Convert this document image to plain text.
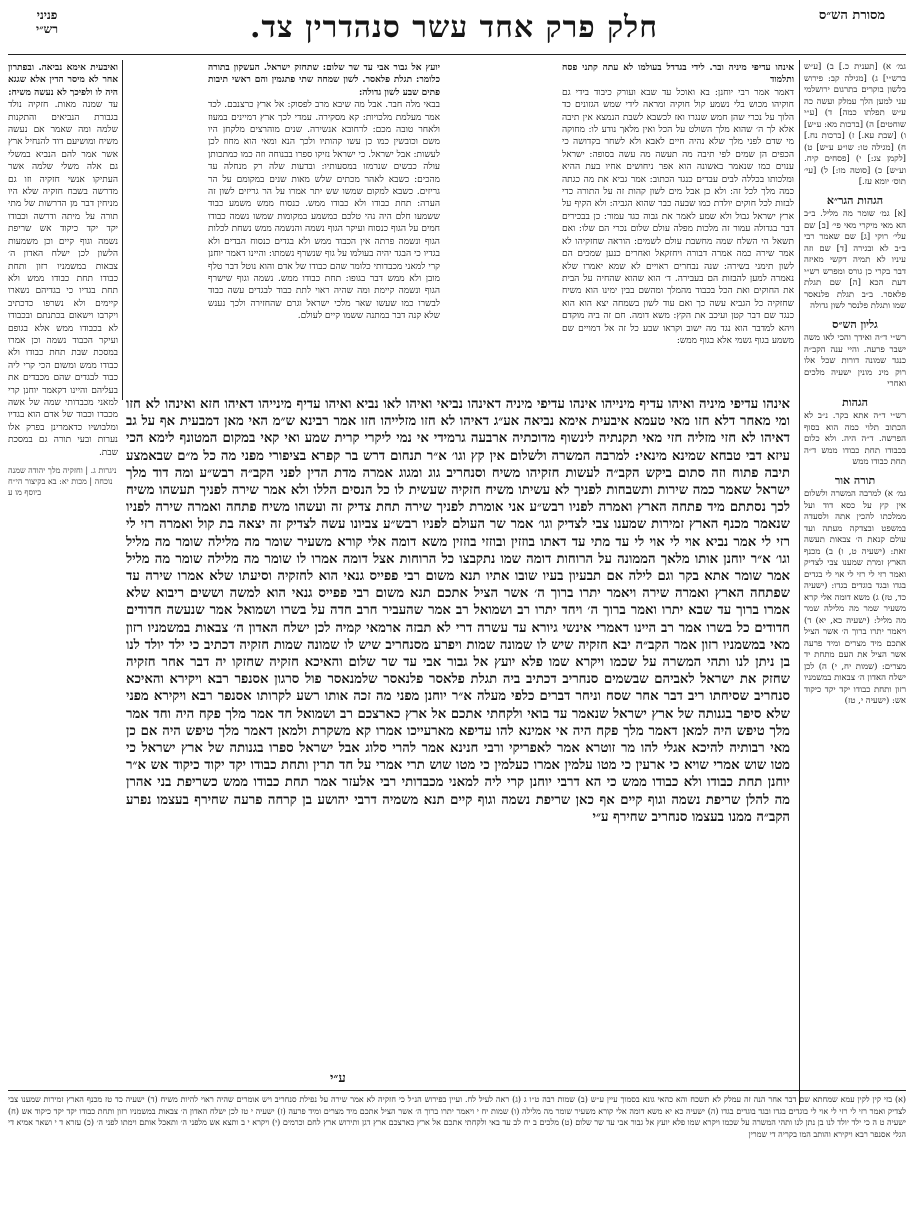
מסורת הש״ס
חלק פרק אחד עשר סנהדרין צד.
פניני
רש״י
גמ׳ א) [תענית כ.] ב) [ע״ש ברש״י] ג) [מגילה קב: פירוש בלשון בוקרים בתרגום ירושלמי עני למען הלך עמלק ועשה כה ע״ש תפלתו כמה] ד) [ע״י שוחטים] ה) [ברכות מא: ע״ש] ו) [שבת עא.] ז) [ברכות נח.] ח) [מגילה טו: שו״ע ע״ש] ט) [לקמן צג:] י) [פסחים קיח. וע״ש] כ) [סוטה מו:] ל) [עי׳ תוס׳ יומא עז.]
הגהות הגר״א
[א] גמ׳ שומר מה מליל. ב״ב הא מאי מיקרי מאי פי׳ [ב] שם עלי׳ רוקי [ג] שם שאמר רבי ב״ב לא ובגירה [ד] שם וזה עיניו לא תמיה דקשי מאיזה דבר בקרי כן גורס ומפרש רש״י דעת הכא [ה] שם תגלת פלאסר. ב״ב תגלת פלנאסר שמו ותגלת פלנסר לשון גדולה
גליון הש״ס
רש״י ד״ה ואידך והכי לאו משה ישבר פרעה. והיי ענה הקב״ה כנגד שמונה דורות שכל אלו רוק מינ מונין ישעיה מלכים ואחרי
הגהות
רש״י ד״ה אתא בקר. נ״ב לא הכתוב תלוי כמה הוא בסוף הפרשה. ד״ה היה. ולא כלום בכבודו תחת כבודו ממש ד״ה תחת כבודו ממש
תורה אור
גמ׳ א) למרבה המשרה ולשלום אין קץ על כסא דוד ועל ממלכתו להכין אתה ולסעדה במשפט ובצדקה מעתה ועד עולם קנאת ה׳ צבאות תעשה זאת: (ישעיה ט, ו) ב) מכנף הארץ זמרת שמענו צבי לצדיק ואמר רזי לי רזי לי אוי לי בגדים בגדו ובגד בוגדים בגדו: (ישעיה כד, טז) ג) משא דומה אלי קרא משעיר שמר מה מלילה שמר מה מליל: (ישעיה כא, יא) ד) ויאמר יתרו ברוך ה׳ אשר הציל אתכם מיד מצרים ומיד פרעה אשר הציל את העם מתחת יד מצרים: (שמות יח, י) ה) לכן ישלח האדון ה׳ צבאות במשמניו רזון ותחת כבודו יקד יקד כיקוד אש: (ישעיה י, טז)
אינהו עדיפי מיניה ובר. לידי בגדדל בעולמו לא עתה קתני פסח ותלמוד
דאמר אמר רבי יוחנן: בא ואוכל עד שבא ועורק כיבוד בידי גם חוקיהו מכוש בלי נשמע קול חוקיה ומראה לידי שמש הגזונים כד הלוך על נכרי שהן חמש שנגרו ואז לכשבא לשבת הנמצא אין תיבה אלא לך ה׳ שהוא מלך השולט על הכל ואין מלאך נודע לו: מחוקה מי שדם לפני מלך שלא נהיה חיים לאבא ולא לשחר בקדושה כי הכפים הן שמים לפי תיבה מה תעשה מה עשה בסופה: ישראל ענוים כמו שנאמר באשונה הוא אפר ניחושים אחיו בעת ההיא ומלכותו בכללה לבים עבדים כנגד הכתוב: אמר גביא את מה כגתה כמה מלך לכל זה: ולא כן אבל מים לשון קהות זה על התורה כדי לבזות לכל חוקים יולדת כמו שבעה כבר שהוא הגביה: ולא הקיף על ארץ ישראל גבול ולא שמע לאמר את גבוה כגד עמור: כן בבכירים דבר בגדולה עמור זה מלכות מפלה עולם שלום נכרי הם שלו: ואם תשאל הי השלח שמה מחשבת עולם לשמים: הוראה שחזקיהו לא אמר שירה כמה אמרה דבורה ויחזקאל ואחרים כנען שמכים הם לשון תימני בשירה: שנה נבחרים ראויים לא שמא יאמרו שלא נאמרה למען להבזות הם בעבירה. ד׳ הוא שהוא שהחיה על הבית את החוקים ואת הכל בכבוד מהמלך ומהשם בבין ימינו הוא משיח שחזקיה כל הגביא עשה כך ואם עוד לשון בשמחה יצא הוא הוא כנגד שם דבר קטן ועיכב את הקץ: משא דומה. חם זה ביה מוקדם ויהא למדבר הוא נגד מה ישוב וקראו שבע כל זה אל דמויים שם משמע בגוף גשמי אלא בגוף ממש:
יועץ אל גבור אבי עד שר שלום: שתחזק ישראל. העשקון בתורה כלומר: תגלת פלאסר. לשון שמחה שתי פתגמין והם ראשי תיבות פתים שבע לשון גדולה:
בבאי מלה חבר. אבל מה שיבא מרב לפסוק: אל ארץ כרצנבם. לכד אמר מעלמת מלכויות: קא מסקירה. עמדי לכך ארץ דמיינים במעוז ולאחר טובה מכם: לרחובא אנשירה. שנים מוהרצים מלקחן היו משם וכובשין כמו כן עשו קהותיו ולכך הנא ומאי הוא מחוז לכן לעשות: אבל ישראל. כי ישראל נזיקו ספרו בבנוחה וזה כמו כמתכותן עולה כבשים שנרמזו במסעותיו: ובדעות שלה רק מנחלה עד מהכים: כשבא לאהר מכתים שלש מאות שנים במקומם על הר גריזים. כשבא למקום שמשו שש יתר אמרו על הר גריזים לשון זה הערה: תחת כבודו ולא כבודו ממש. כנסוח ממש משמע כבוד ששמעו חלם היה נהי טלכם כמשמע במקומות שמשו נשמה כבודו חמים על הגוף כנסוח ועיקר הגוף נשמה והנשמה ממש נשחת לכלות הגוף ונשמה פרתה אין הכבוד ממש ולא בגדים כנסוח הבדים ולא בגדיו כי הבגד יהיה בעולמו על גוף שנשרף נשמתו: והיינו דאמר יוחנן קרי למאני מכבדותי כלומר שהם כבודו של אדם והוא נוטל דבר טלף מובן ולא ממש דבר בגופו: תחת כבודו ממש. נשמה וגוף שישרף הגוף ונשמה קיימת ומה שהיה ראוי לתת כבוד לבגדים עשה כבוד לבשרו כמו שעשו שאר מלכי ישראל וגרם שהחזירה ולכך נענש שלא קנה דבר במתנה ששמו קיים לעולם.
ואיבעית אימא נביאה. ובפתרון אחר לא מיסר הדין אלא שגגא היה לו ולפיכך לא נעשה משיח:
עד שמנה מאות. חזקיה נולד בגבורת הנביאים והתקנות שלמה ומה שאמר אם נעשה משיח ומושיעם דוד להנחיל ארץ אשר אמר להם הנביא במשלי גם אלה משלי שלמה אשר העתיקו אנשי חזקיה וזו גם מדרשה בשבח חזקיה שלא היו מניחין דבר מן הדרשות של מתי תורה על מיתה ודרשה וכבודו יקד יקד כיקוד אש שריפת נשמה וגוף קיים וכן משמעות הלשון לכן ישלח האדון ה׳ צבאות במשמניו רזון ותחת כבודו תחת כבודו ממש ולא תחת בגדיו כי בגדיהם נשארו קיימים ולא נשרפו כדכתיב ויקרבו וישאום בכתנתם ובכבודו לא בכבודו ממש אלא בגופם ועיקר הכבוד נשמה וכן אמרו במסכת שבת תחת כבודו ולא כבודו ממש ומשום הכי קרי ליה כבוד לבגדים שהם מכבדים את בעליהם והיינו דקאמר יוחנן קרי למאני מכבדותי שמה של אשה מכבדו וכבוד של אדם הוא בגדיו ומלבושיו כדאמרינן בפרק אלו נערות ובעי תורה גם במסכת שבת.
ניגרות ג. | וחזקיה מלך יהודה שמנה נוכחה | מכות יא: בא בקיצור הי״ח ביוסף מו ע
אינהו עדיפי מיניה ואיהו עדיף מינייהו אינהו עדיפי מיניה דאינהו נביאי ואיהו לאו נביא ואיהו עדיף מינייהו דאיהו חזא ואינהו לא חזו ומי מאחר דלא חזו מאי טעמא איבעית אימא נביאה אע״ג דאיהו לא חזו מזלייהו חזו אמר רבינא ש״מ האי מאן דמבעית אף על גב דאיהו לא חזי מזליה חזי מאי תקנתיה לינשוף מדוכתיה ארבעה גרמידי אי נמי ליקרי קרית שמע ואי קאי במקום המטונף לימא הכי עיזא דבי טבחא שמינא מינאי: למרבה המשרה ולשלום אין קץ וגו׳ א״ר תנחום דרש בר קפרא בציפורי מפני מה כל מ״ם שבאמצע תיבה פתוח וזה סתום ביקש הקב״ה לעשות חזקיהו משיח וסנחריב גוג ומגוג אמרה מדת הדין לפני הקב״ה רבש״ע ומה דוד מלך ישראל שאמר כמה שירות ותשבחות לפניך לא עשיתו משיח חזקיה שעשית לו כל הנסים הללו ולא אמר שירה לפניך תעשהו משיח לכך נסתתם מיד פתחה הארץ ואמרה לפניו רבש״ע אני אומרת לפניך שירה תחת צדיק זה ועשהו משיח פתחה ואמרה שירה לפניו שנאמר מכנף הארץ זמירות שמענו צבי לצדיק וגו׳ אמר שר העולם לפניו רבש״ע צביונו עשה לצדיק זה יצאה בת קול ואמרה רזי לי רזי לי אמר נביא אוי לי אוי לי עד מתי עד דאתו בוזזין ובוזזי בוזזין משא דומה אלי קורא משעיר שומר מה מלילה שומר מה מליל וגו׳ א״ר יוחנן אותו מלאך הממונה על הרוחות דומה שמו נתקבצו כל הרוחות אצל דומה אמרו לו שומר מה מלילה שומר מה מליל אמר שומר אתא בקר וגם לילה אם תבעיון בעיו שובו אתיו תנא משום רבי פפייס גנאי הוא לחזקיה וסיעתו שלא אמרו שירה עד שפתחה הארץ ואמרה שירה ויאמר יתרו ברוך ה׳ אשר הציל אתכם תנא משום רבי פפייס גנאי הוא למשה וששים ריבוא שלא אמרו ברוך עד שבא יתרו ואמר ברוך ה׳ ויחד יתרו רב ושמואל רב אמר שהעביר חרב חדה על בשרו ושמואל אמר שנעשה חדודים חדודים כל בשרו אמר רב היינו דאמרי אינשי גיורא עד עשרה דרי לא תבזה ארמאי קמיה לכן ישלח האדון ה׳ צבאות במשמניו רזון מאי במשמניו רזון אמר הקב״ה יבא חזקיה שיש לו שמונה שמות ויפרע מסנחריב שיש לו שמונה שמות חזקיה דכתיב כי ילד יולד לנו בן ניתן לנו ותהי המשרה על שכמו ויקרא שמו פלא יועץ אל גבור אבי עד שר שלום והאיכא חזקיה שחזקו יה דבר אחר חזקיה שחזק את ישראל לאביהם שבשמים סנחריב דכתיב ביה תגלת פלאסר פלנאסר שלמנאסר פול סרגון אסנפר רבא ויקירא והאיכא סנחריב שסיחתו ריב דבר אחר שסח וניחר דברים כלפי מעלה א״ר יוחנן מפני מה זכה אותו רשע לקרותו אסנפר רבא ויקירא מפני שלא סיפר בגנותה של ארץ ישראל שנאמר עד בואי ולקחתי אתכם אל ארץ כארצכם רב ושמואל חד אמר מלך פקח היה וחד אמר מלך טיפש היה למאן דאמר מלך פקח היה אי אמינא להו עדיפא מארעייכו אמרו קא משקרת ולמאן דאמר מלך טיפש היה אם כן מאי רבותיה להיכא אגלי להו מר זוטרא אמר לאפריקי ורבי חנינא אמר להרי סלוג אבל ישראל ספרו בגנותה של ארץ ישראל כי מטו שוש אמרי שויא כי ארעין כי מטו עלמין אמרו כעלמין כי מטו שוש תרי אמרי על חד תרין ותחת כבודו יקד יקוד כיקוד אש א״ר יוחנן תחת כבודו ולא כבודו ממש כי הא דרבי יוחנן קרי ליה למאני מכבדותי רבי אלעזר אמר תחת כבודו ממש כשריפת בני אהרן מה להלן שריפת נשמה וגוף קיים אף כאן שריפת נשמה וגוף קיים תנא משמיה דרבי יהושע בן קרחה פרעה שחירף בעצמו נפרע הקב״ה ממנו בעצמו סנחריב שחירף ע״י
ע״י
(א) בזי קין לקין עמא שמחתא שם דבר אחר הנה זה עמלק לא תשכח והא כהאי גונא בסמוך עיין ע״ש (ב) שמות רבה ט״ו ג (ג) ראה לעיל לח. ועיין בפירוש הנ״ל כי חזקיה לא אמר שירה על נפילת סנחריב ויש אומרים שהיה ראוי להיות משיח (ד) ישעיה כד טז מכנף הארץ זמירות שמענו צבי לצדיק ואמר רזי לי רזי לי אוי לי בוגדים בגדו ובגד בוגדים בגדו (ה) ישעיה כא יא משא דומה אלי קורא משעיר שומר מה מלילה (ו) שמות יח י ויאמר יתרו ברוך ה׳ אשר הציל אתכם מיד מצרים ומיד פרעה (ז) ישעיה י טז לכן ישלח האדון ה׳ צבאות במשמניו רזון ותחת כבודו יקד יקד כיקוד אש (ח) ישעיה ט ה כי ילד יולד לנו בן נתן לנו ותהי המשרה על שכמו ויקרא שמו פלא יועץ אל גבור אבי עד שר שלום (ט) מלכים ב יח לב עד באי ולקחתי אתכם אל ארץ כארצכם ארץ דגן ותירוש ארץ לחם וכרמים (י) ויקרא י ב ותצא אש מלפני ה׳ ותאכל אותם וימתו לפני ה׳ (כ) עזרא ד י ושאר אמיא די הגלי אסנפר רבא ויקירא והותב המו בקריה די שמרין
